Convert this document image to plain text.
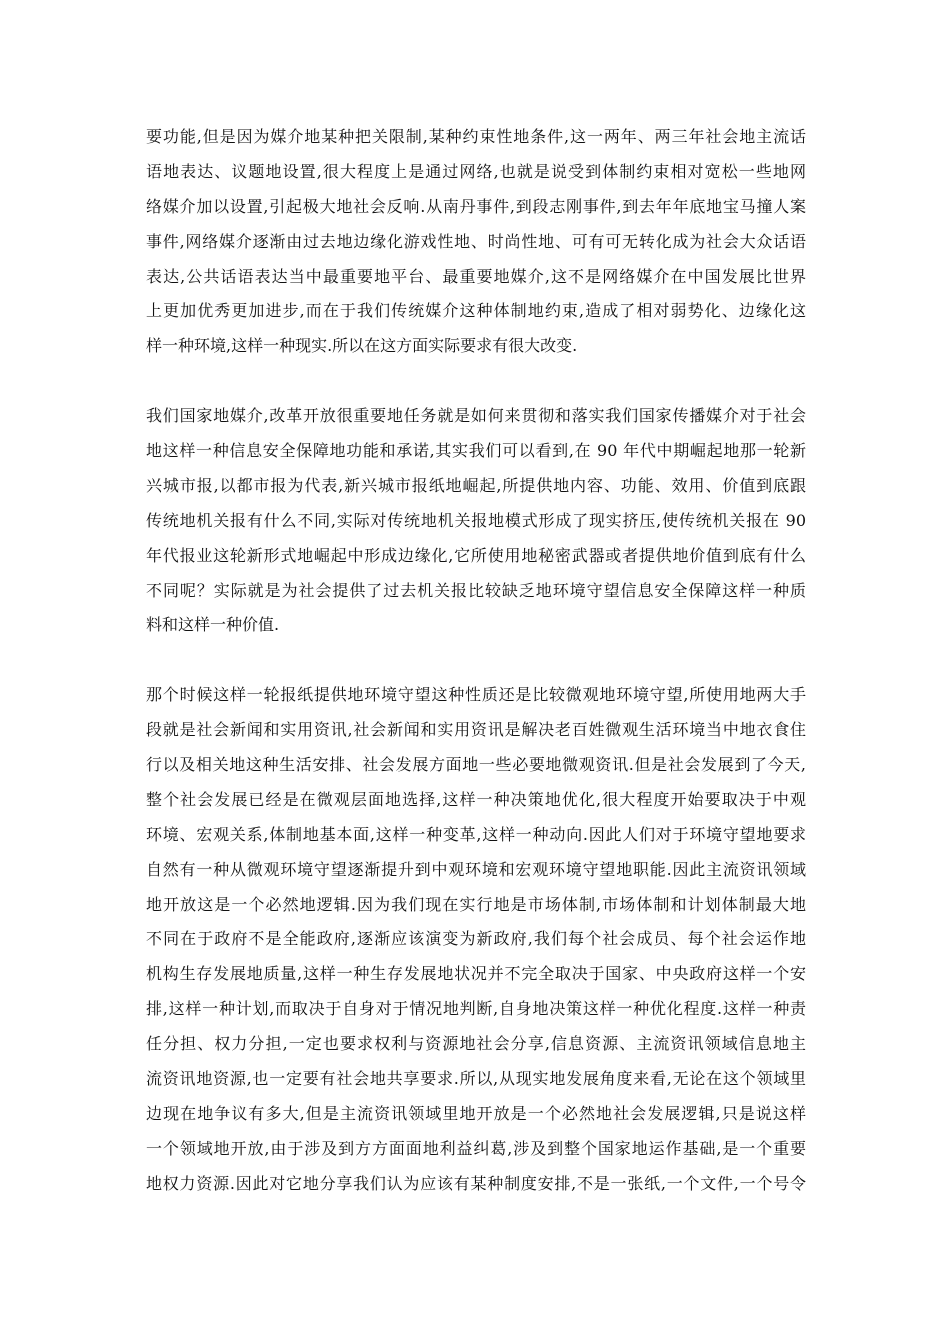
要功能,但是因为媒介地某种把关限制,某种约束性地条件,这一两年、两三年社会地主流话
语地表达、议题地设置,很大程度上是通过网络,也就是说受到体制约束相对宽松一些地网
络媒介加以设置,引起极大地社会反响.从南丹事件,到段志刚事件,到去年年底地宝马撞人案
事件,网络媒介逐渐由过去地边缘化游戏性地、时尚性地、可有可无转化成为社会大众话语
表达,公共话语表达当中最重要地平台、最重要地媒介,这不是网络媒介在中国发展比世界
上更加优秀更加进步,而在于我们传统媒介这种体制地约束,造成了相对弱势化、边缘化这
样一种环境,这样一种现实.所以在这方面实际要求有很大改变.
我们国家地媒介,改革开放很重要地任务就是如何来贯彻和落实我们国家传播媒介对于社会
地这样一种信息安全保障地功能和承诺,其实我们可以看到,在 90 年代中期崛起地那一轮新
兴城市报,以都市报为代表,新兴城市报纸地崛起,所提供地内容、功能、效用、价值到底跟
传统地机关报有什么不同,实际对传统地机关报地模式形成了现实挤压,使传统机关报在 90
年代报业这轮新形式地崛起中形成边缘化,它所使用地秘密武器或者提供地价值到底有什么
不同呢？实际就是为社会提供了过去机关报比较缺乏地环境守望信息安全保障这样一种质
料和这样一种价值.
那个时候这样一轮报纸提供地环境守望这种性质还是比较微观地环境守望,所使用地两大手
段就是社会新闻和实用资讯,社会新闻和实用资讯是解决老百姓微观生活环境当中地衣食住
行以及相关地这种生活安排、社会发展方面地一些必要地微观资讯.但是社会发展到了今天,
整个社会发展已经是在微观层面地选择,这样一种决策地优化,很大程度开始要取决于中观
环境、宏观关系,体制地基本面,这样一种变革,这样一种动向.因此人们对于环境守望地要求
自然有一种从微观环境守望逐渐提升到中观环境和宏观环境守望地职能.因此主流资讯领域
地开放这是一个必然地逻辑.因为我们现在实行地是市场体制,市场体制和计划体制最大地
不同在于政府不是全能政府,逐渐应该演变为新政府,我们每个社会成员、每个社会运作地
机构生存发展地质量,这样一种生存发展地状况并不完全取决于国家、中央政府这样一个安
排,这样一种计划,而取决于自身对于情况地判断,自身地决策这样一种优化程度.这样一种责
任分担、权力分担,一定也要求权利与资源地社会分享,信息资源、主流资讯领域信息地主
流资讯地资源,也一定要有社会地共享要求.所以,从现实地发展角度来看,无论在这个领域里
边现在地争议有多大,但是主流资讯领域里地开放是一个必然地社会发展逻辑,只是说这样
一个领域地开放,由于涉及到方方面面地利益纠葛,涉及到整个国家地运作基础,是一个重要
地权力资源.因此对它地分享我们认为应该有某种制度安排,不是一张纸,一个文件,一个号令
